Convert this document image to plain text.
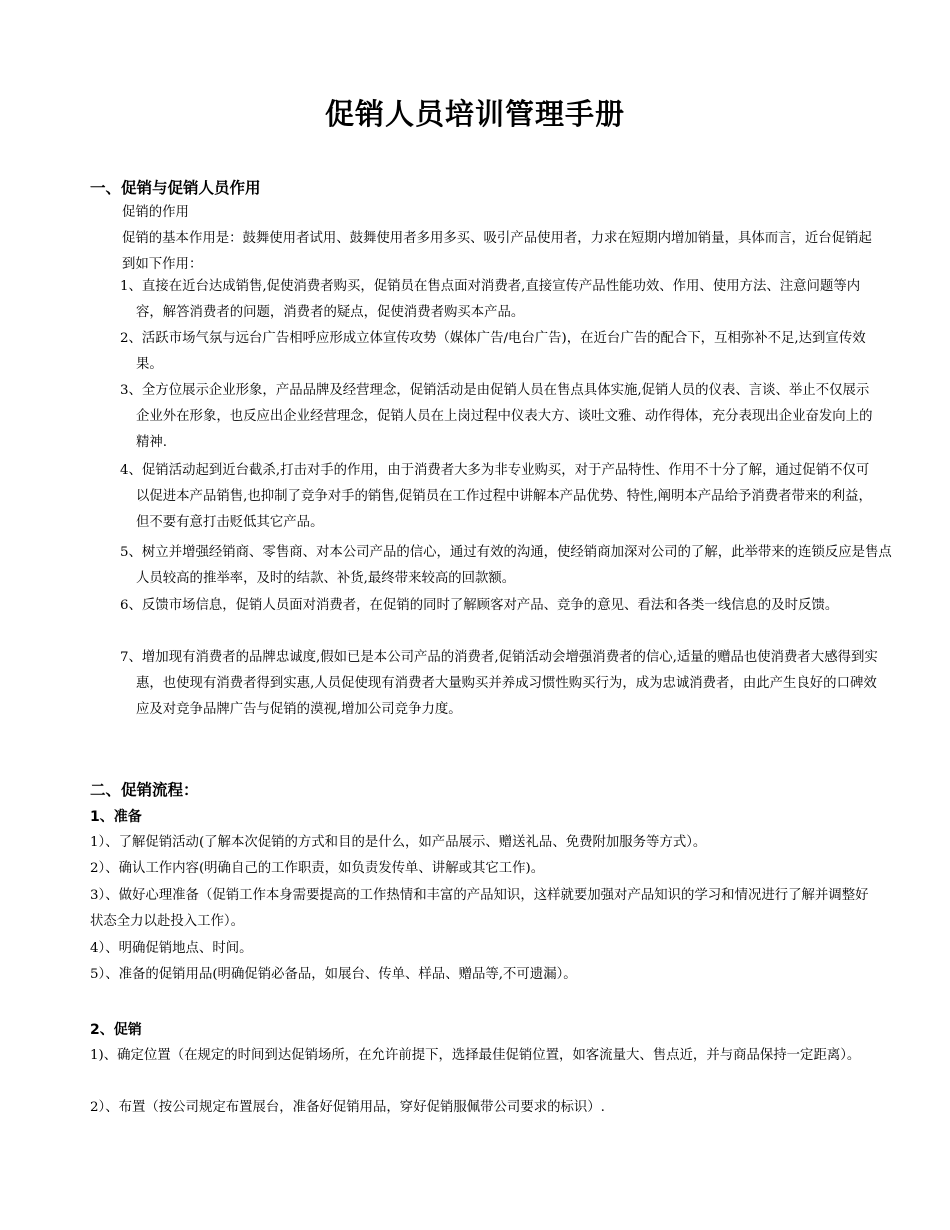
促销人员培训管理手册
一、促销与促销人员作用
促销的作用
促销的基本作用是：鼓舞使用者试用、鼓舞使用者多用多买、吸引产品使用者，力求在短期内增加销量，具体而言，近台促销起到如下作用：
1、直接在近台达成销售,促使消费者购买，促销员在售点面对消费者,直接宣传产品性能功效、作用、使用方法、注意问题等内容，解答消费者的问题，消费者的疑点，促使消费者购买本产品。
2、活跃市场气氛与远台广告相呼应形成立体宣传攻势（媒体广告/电台广告)，在近台广告的配合下，互相弥补不足,达到宣传效果。
3、全方位展示企业形象，产品品牌及经营理念，促销活动是由促销人员在售点具体实施,促销人员的仪表、言谈、举止不仅展示企业外在形象，也反应出企业经营理念，促销人员在上岗过程中仪表大方、谈吐文雅、动作得体，充分表现出企业奋发向上的精神.
4、促销活动起到近台截杀,打击对手的作用，由于消费者大多为非专业购买，对于产品特性、作用不十分了解，通过促销不仅可以促进本产品销售,也抑制了竞争对手的销售,促销员在工作过程中讲解本产品优势、特性,阐明本产品给予消费者带来的利益，但不要有意打击贬低其它产品。
5、树立并增强经销商、零售商、对本公司产品的信心，通过有效的沟通，使经销商加深对公司的了解，此举带来的连锁反应是售点人员较高的推举率，及时的结款、补货,最终带来较高的回款额。
6、反馈市场信息，促销人员面对消费者，在促销的同时了解顾客对产品、竞争的意见、看法和各类一线信息的及时反馈。
7、增加现有消费者的品牌忠诚度,假如已是本公司产品的消费者,促销活动会增强消费者的信心,适量的赠品也使消费者大感得到实惠，也使现有消费者得到实惠,人员促使现有消费者大量购买并养成习惯性购买行为，成为忠诚消费者，由此产生良好的口碑效应及对竞争品牌广告与促销的漠视,增加公司竞争力度。
二、促销流程：
1、准备
1）、了解促销活动(了解本次促销的方式和目的是什么，如产品展示、赠送礼品、免费附加服务等方式）。
2）、确认工作内容(明确自己的工作职责，如负责发传单、讲解或其它工作)。
3）、做好心理准备（促销工作本身需要提高的工作热情和丰富的产品知识，这样就要加强对产品知识的学习和情况进行了解并调整好状态全力以赴投入工作）。
4）、明确促销地点、时间。
5）、准备的促销用品(明确促销必备品，如展台、传单、样品、赠品等,不可遗漏）。
2、促销
1)、确定位置（在规定的时间到达促销场所，在允许前提下，选择最佳促销位置，如客流量大、售点近，并与商品保持一定距离）。
2）、布置（按公司规定布置展台，准备好促销用品，穿好促销服佩带公司要求的标识）.
